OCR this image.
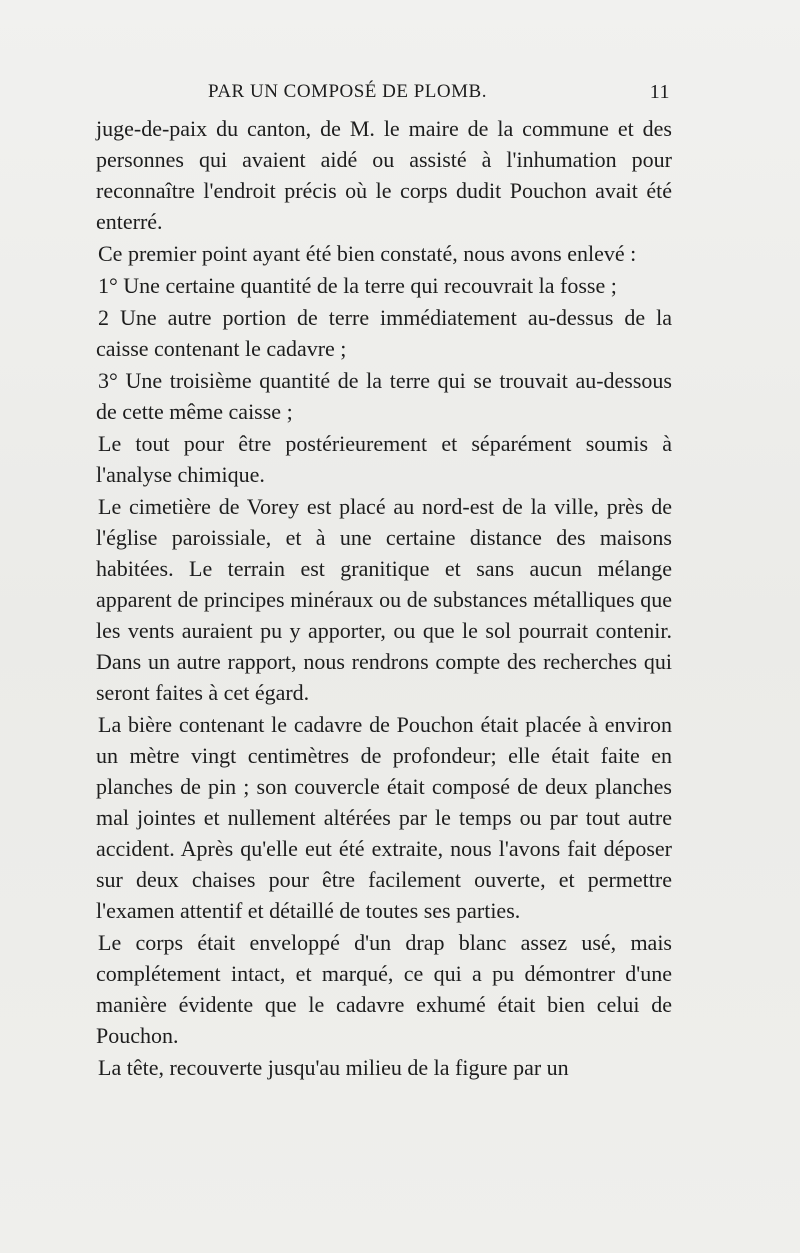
PAR UN COMPOSÉ DE PLOMB.	11

juge-de-paix du canton, de M. le maire de la commune et des personnes qui avaient aidé ou assisté à l'inhumation pour reconnaître l'endroit précis où le corps dudit Pouchon avait été enterré.

Ce premier point ayant été bien constaté, nous avons enlevé :

1° Une certaine quantité de la terre qui recouvrait la fosse ;

2 Une autre portion de terre immédiatement au-dessus de la caisse contenant le cadavre ;

3° Une troisième quantité de la terre qui se trouvait au-dessous de cette même caisse ;

Le tout pour être postérieurement et séparément soumis à l'analyse chimique.

Le cimetière de Vorey est placé au nord-est de la ville, près de l'église paroissiale, et à une certaine distance des maisons habitées. Le terrain est granitique et sans aucun mélange apparent de principes minéraux ou de substances métalliques que les vents auraient pu y apporter, ou que le sol pourrait contenir. Dans un autre rapport, nous rendrons compte des recherches qui seront faites à cet égard.

La bière contenant le cadavre de Pouchon était placée à environ un mètre vingt centimètres de profondeur; elle était faite en planches de pin ; son couvercle était composé de deux planches mal jointes et nullement altérées par le temps ou par tout autre accident. Après qu'elle eut été extraite, nous l'avons fait déposer sur deux chaises pour être facilement ouverte, et permettre l'examen attentif et détaillé de toutes ses parties.

Le corps était enveloppé d'un drap blanc assez usé, mais complétement intact, et marqué, ce qui a pu démontrer d'une manière évidente que le cadavre exhumé était bien celui de Pouchon.

La tête, recouverte jusqu'au milieu de la figure par un
